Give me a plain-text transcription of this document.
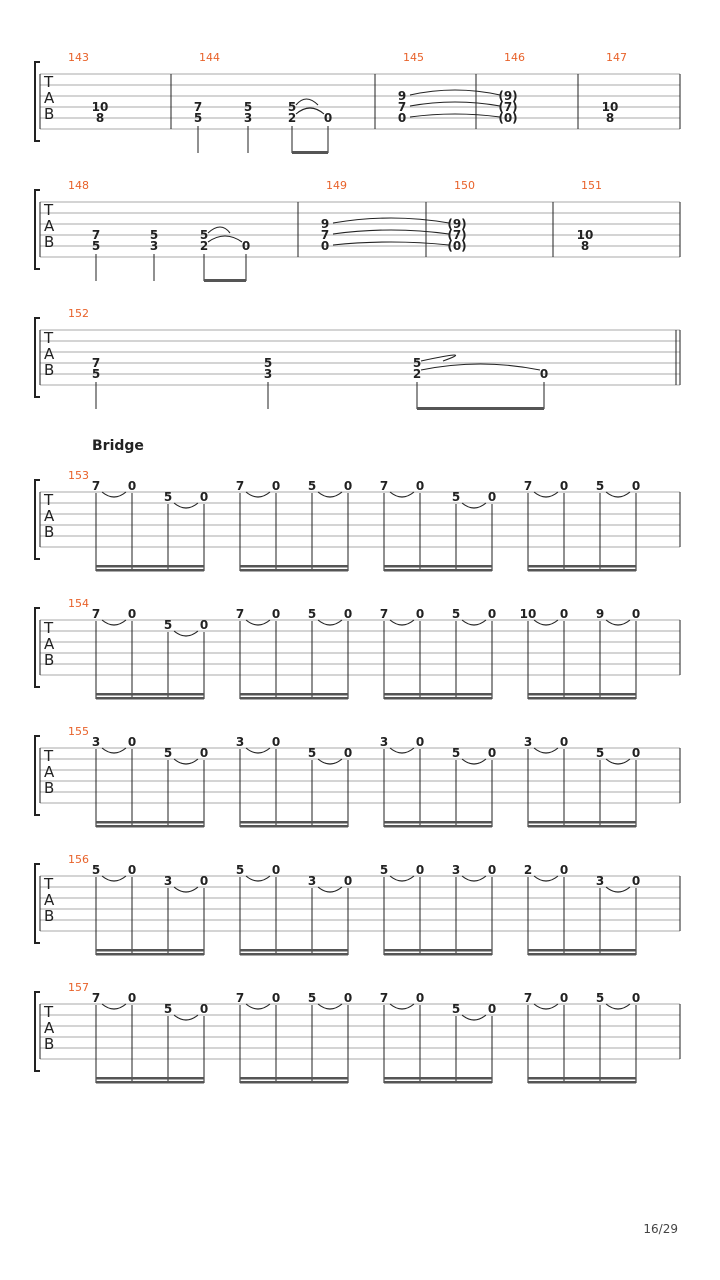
T
A
B
143
10
8
144
7
5
5
3
5
2 0
145
9
7
0
146
(9)
(7)
(0)
147
10
8
T
A
B
148
7
5
5
3
5
2	0
149
9
7
0
150
(9)
(7)
(0)
151
10
8
T
A
B
152
7
5
5
3
5
2	0
T
A
B
153
7 0
5 0
7 0 5 0 7 0
5 0
7 0 5 0
T
A
B
154
7 0
5 0
7 0 5 0 7 0 5 0 10 0 9 0
T
A
B
155
3 0
5 0
3 0
5 0
3 0
5 0
3 0
5 0
T
A
B
156
5 0
3 0
5 0
3 0
5 0 3 0 2 0
3 0
T
A
B
157
7 0
5 0
7 0 5 0 7 0
5 0
7 0 5 0
Bridge
16/29
